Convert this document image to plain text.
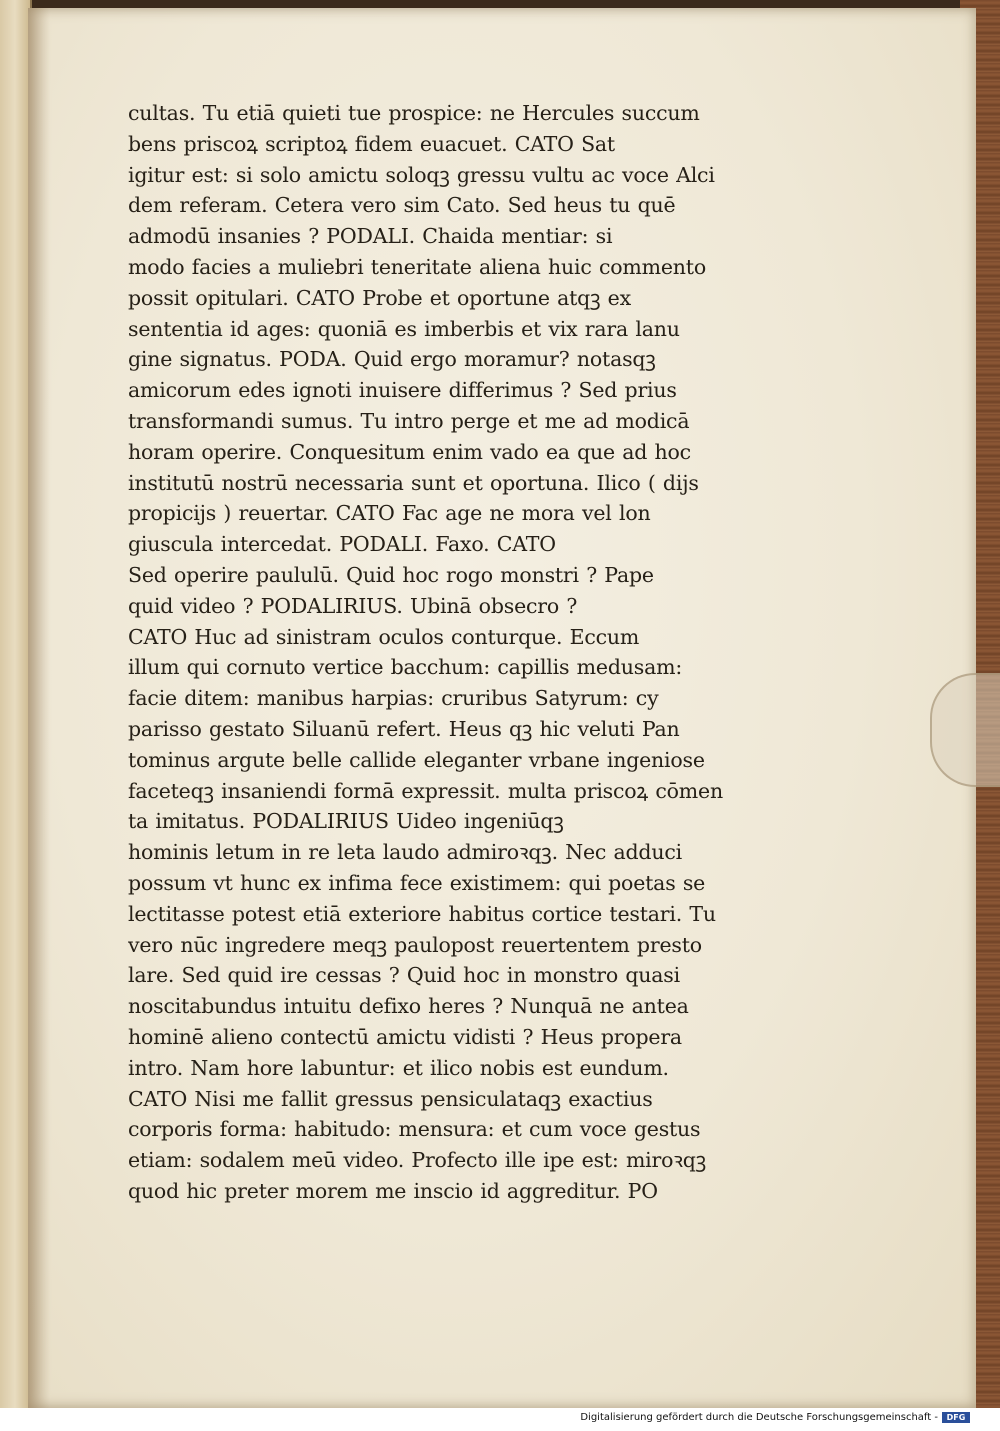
cultas. Tu etiā quieti tue prospice: ne Hercules succum
bens priscoꝝ scriptoꝝ fidem euacuet. CATO Sat
igitur est: si solo amictu soloqꝫ gressu vultu ac voce Alci
dem referam. Cetera vero sim Cato. Sed heus tu quē
admodū insanies ? PODALI. Chaida mentiar: si
modo facies a muliebri teneritate aliena huic commento
possit opitulari. CATO Probe et oportune atqꝫ ex
sententia id ages: quoniā es imberbis et vix rara lanu
gine signatus. PODA. Quid ergo moramur? notasqꝫ
amicorum edes ignoti inuisere differimus ? Sed prius
transformandi sumus. Tu intro perge et me ad modicā
horam operire. Conquesitum enim vado ea que ad hoc
institutū nostrū necessaria sunt et oportuna. Ilico ( dijs
propicijs ) reuertar. CATO Fac age ne mora vel lon
giuscula intercedat. PODALI. Faxo. CATO
Sed operire paululū. Quid hoc rogo monstri ? Pape
quid video ? PODALIRIUS. Ubinā obsecro ?
CATO Huc ad sinistram oculos conturque. Eccum
illum qui cornuto vertice bacchum: capillis medusam:
facie ditem: manibus harpias: cruribus Satyrum: cy
parisso gestato Siluanū refert. Heus qꝫ hic veluti Pan
tominus argute belle callide eleganter vrbane ingeniose
faceteqꝫ insaniendi formā expressit. multa priscoꝝ cōmen
ta imitatus. PODALIRIUS Uideo ingeniūqꝫ
hominis letum in re leta laudo admiroꝛqꝫ. Nec adduci
possum vt hunc ex infima fece existimem: qui poetas se
lectitasse potest etiā exteriore habitus cortice testari. Tu
vero nūc ingredere meqꝫ paulopost reuertentem presto
lare. Sed quid ire cessas ? Quid hoc in monstro quasi
noscitabundus intuitu defixo heres ? Nunquā ne antea
hominē alieno contectū amictu vidisti ? Heus propera
intro. Nam hore labuntur: et ilico nobis est eundum.
CATO Nisi me fallit gressus pensiculataqꝫ exactius
corporis forma: habitudo: mensura: et cum voce gestus
etiam: sodalem meū video. Profecto ille ipe est: miroꝛqꝫ
quod hic preter morem me inscio id aggreditur. PO
Digitalisierung gefördert durch die Deutsche Forschungsgemeinschaft -	DFG
